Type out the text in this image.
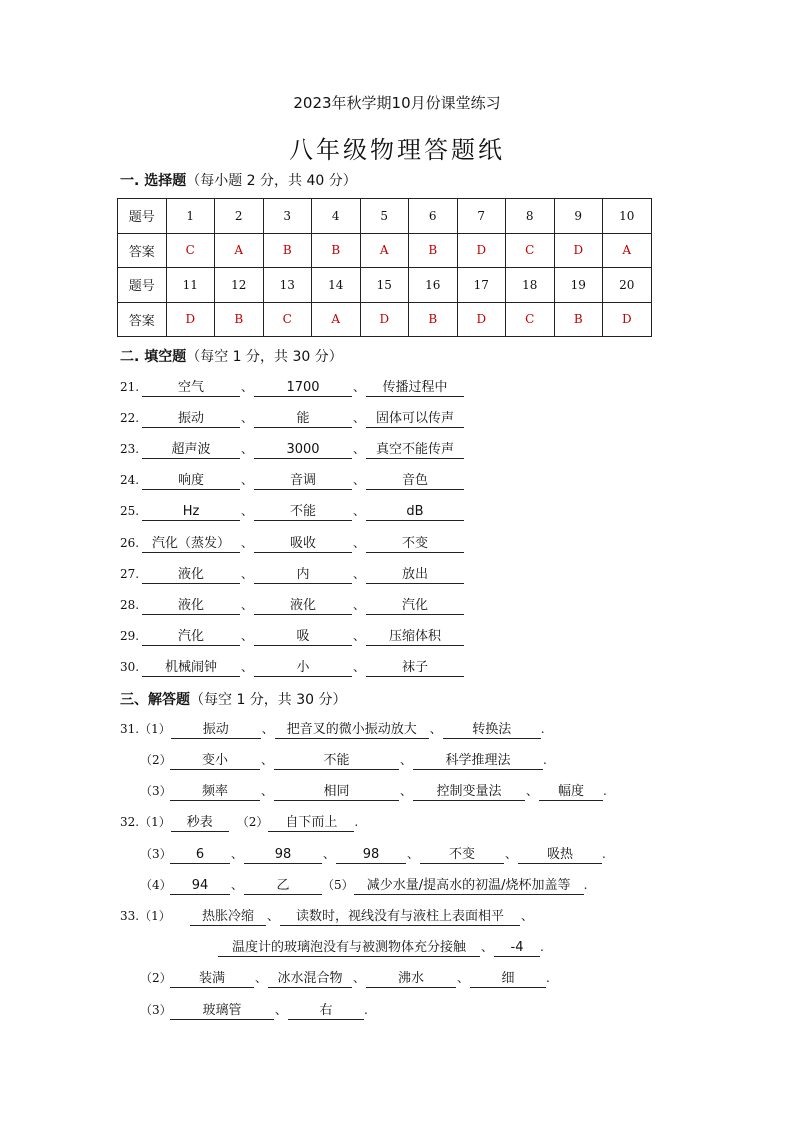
2023年秋学期10月份课堂练习
八年级物理答题纸
一. 选择题（每小题 2 分，共 40 分）
题号	1	2	3	4	5	6	7	8	9	10
答案	C	A	B	B	A	B	D	C	D	A
题号	11	12	13	14	15	16	17	18	19	20
答案	D	B	C	A	D	B	D	C	B	D
二. 填空题（每空 1 分，共 30 分）
21.	空气	、	1700	、 传播过程中
22.	振动	、	能	、 固体可以传声
23. 超声波	、	3000	、 真空不能传声
24.	响度	、	音调	、	音色
25.	Hz	、	不能	、	dB
26. 汽化（蒸发） 、	吸收	、	不变
27.	液化	、	内	、	放出
28.	液化	、	液化	、	汽化
29.	汽化	、	吸	、 压缩体积
30. 机械闹钟 、	小	、	袜子
三、解答题（每空 1 分，共 30 分）
31.（1） 振动	、 把音叉的微小振动放大 、 转换法 .
（2） 变小	、	不能	、	科学推理法	.
（3） 频率	、	相同	、 控制变量法 、 幅度 .
32.（1） 秒表 （2） 自下而上 .
（3） 6 、 98	、 98 、 不变 、 吸热 .
（4） 94 、	乙	（5） 减少水量/提高水的初温/烧杯加盖等 .
33.（1） 热胀冷缩 、 读数时，视线没有与液柱上表面相平 、
温度计的玻璃泡没有与被测物体充分接触 、 -4 .
（2） 装满 、 冰水混合物 、	沸水	、 细	.
（3） 玻璃管	、 右	.
